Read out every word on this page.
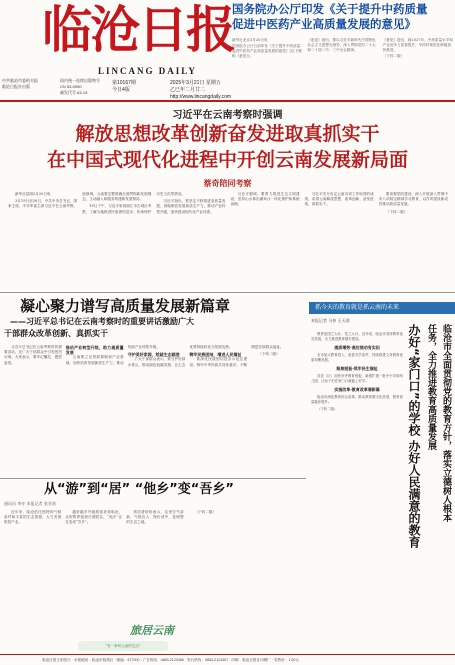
临沧日报
LINCANG DAILY
中共临沧市委机关报
临沧日报社出版
国内统一连续出版物号
CN 53-0050
邮发代号 63-19
第10167期
今日4版
2025年3月21日 星期五
乙巳年二月廿二
http://www.lincangdaily.com
国务院办公厅印发《关于提升中药质量
促进中医药产业高质量发展的意见》

新华社北京3月20日电

国务院办公厅日前印发《关于提升中药质量促进中医药产业高质量发展的意见》(以下简称《意见》)。

《意见》指出，要以习近平新时代中国特色社会主义思想为指导，深入贯彻党的二十大和二十届二中、三中全会精神。

《意见》提出，到2027年，中药质量水平和产业竞争力显著提升，中药材规范化种植加快推进。

（下转二版）

习近平在云南考察时强调
解放思想改革创新奋发进取真抓实干
在中国式现代化进程中开创云南发展新局面
蔡奇陪同考察

新华社昆明3月20日电

3月19日至20日，中共中央总书记、国家主席、中央军委主席习近平在云南考察。他强调，云南要完整准确全面贯彻新发展理念，主动融入和服务构建新发展格局。

19日下午，习近平来到丽江市古城区考察，了解当地推进民族团结进步、传承保护历史文化等情况。

习近平指出，要坚定不移推进高质量发展，因地制宜发展新质生产力，推动产业转型升级，加快建设现代化产业体系。

习近平强调，要着力推进生态文明建设，坚持山水林田湖草沙一体化保护和系统治理。

习近平充分肯定云南各项工作取得的成绩，希望云南解放思想、改革创新、奋发进取、真抓实干。

要加强党的建设，深入开展深入贯彻中央八项规定精神学习教育，以作风建设新成效推动高质量发展。

（下转二版）

凝心聚力谱写高质量发展新篇章
——习近平总书记在云南考察时的重要讲话激励广大
干部群众改革创新、真抓实干

习近平总书记在云南考察时的重要讲话，在广大干部群众中引发热烈反响。大家表示，要牢记嘱托、感恩奋进。

推动产业转型升级，助力高质量发展

云南要立足资源禀赋和产业基础，加快培育发展新质生产力，推动传统产业转型升级。

守护美好家园，绘就生态画卷

广大干部群众表示，要守护好绿水青山，推动绿色低碳发展，让生态优势持续转化为发展优势。

铸牢民族团结，增进人民福祉

要深化民族团结进步示范区建设，铸牢中华民族共同体意识，不断增进各族群众福祉。

（下转二版）

从“游”到“居” “他乡”变“吾乡”
通讯员 李亦 本报记者 张亚南

近年来，临沧依托独特的气候条件和丰富的生态资源，大力发展旅居产业。

越来越多外地游客来到临沧，从短暂停留到长期居住，“他乡”正在变成“吾乡”。

旅居者纷纷表示，这里空气清新、气候宜人、物价适中，是理想的生活之地。

（下转二版）

旅居云南
“有一种叫云南的生活”
抓今天的教育就是抓云南的未来
本报记者 马伟 王天翊

教育是国之大计、党之大计。近年来，临沧市坚持教育优先发展，全力推进教育强市建设。

提质增效·高位推动有实招

全市加大教育投入，改善办学条件，持续推进义务教育优质均衡发展。

聚焦短板·筑牢民生福祉

各县（区）加快补齐教育短板，新建扩建一批中小学和幼儿园，让孩子们在家门口就能上好学。

实施改革·教育改革谱新篇

临沧市深化教育综合改革，推动教育数字化转型，教育质量稳步提升。

（下转二版）	临沧市全面贯彻党的教育方针，落实立德树人根本
任务，全力推进教育高质量发展
办好“家门口”的学校 办好人民满意的教育
临沧日报文明发行 · 本报地址：临沧市临翔区 · 邮编：677000 · 广告热线：0883-2123456 · 发行热线：0883-2123457 · 印刷：临沧日报社印刷厂 · 零售价：1.00元
